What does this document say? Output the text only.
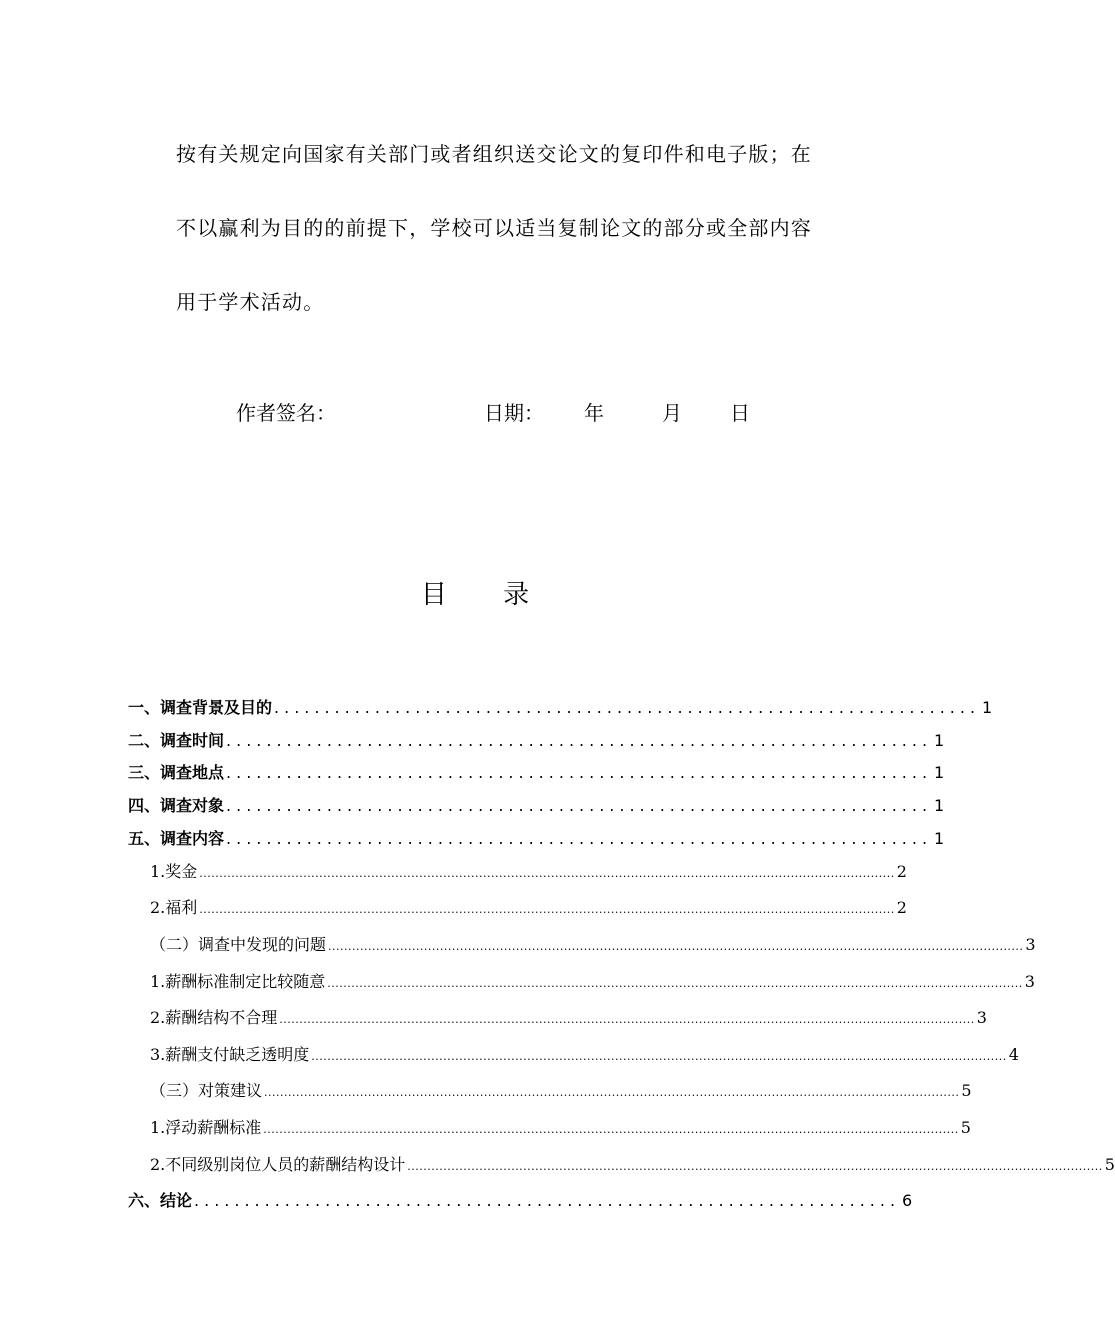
按有关规定向国家有关部门或者组织送交论文的复印件和电子版；在
不以赢利为目的的前提下，学校可以适当复制论文的部分或全部内容
用于学术活动。
作者签名：	日期： 年	月 日
目 录
一、调查背景及目的 ...................................................................... 1
二、调查时间 ...................................................................... 1
三、调查地点 ...................................................................... 1
四、调查对象 ...................................................................... 1
五、调查内容 ...................................................................... 1
1.奖金 .............................................................................................................................................................................. 2
2.福利 .............................................................................................................................................................................. 2
（二）调查中发现的问题 .............................................................................................................................................................................. 3
1.薪酬标准制定比较随意 .............................................................................................................................................................................. 3
2.薪酬结构不合理 .............................................................................................................................................................................. 3
3.薪酬支付缺乏透明度 .............................................................................................................................................................................. 4
（三）对策建议 .............................................................................................................................................................................. 5
1.浮动薪酬标准 .............................................................................................................................................................................. 5
2.不同级别岗位人员的薪酬结构设计 .............................................................................................................................................................................. 5
六、结论 ...................................................................... 6
